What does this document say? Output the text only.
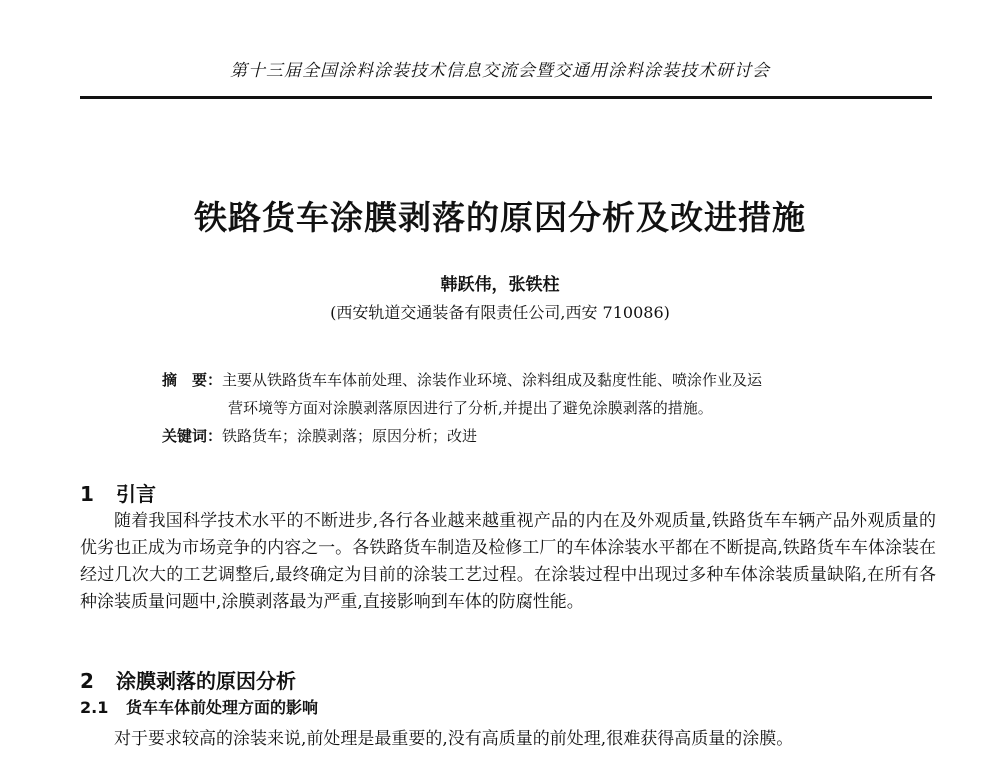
第十三届全国涂料涂装技术信息交流会暨交通用涂料涂装技术研讨会
铁路货车涂膜剥落的原因分析及改进措施
韩跃伟，张铁柱
(西安轨道交通装备有限责任公司,西安 710086)
摘　要：主要从铁路货车车体前处理、涂装作业环境、涂料组成及黏度性能、喷涂作业及运
营环境等方面对涂膜剥落原因进行了分析,并提出了避免涂膜剥落的措施。
关键词：铁路货车；涂膜剥落；原因分析；改进
1 引言
随着我国科学技术水平的不断进步,各行各业越来越重视产品的内在及外观质量,铁路货车车辆产品外观质量的优劣也正成为市场竞争的内容之一。各铁路货车制造及检修工厂的车体涂装水平都在不断提高,铁路货车车体涂装在经过几次大的工艺调整后,最终确定为目前的涂装工艺过程。在涂装过程中出现过多种车体涂装质量缺陷,在所有各种涂装质量问题中,涂膜剥落最为严重,直接影响到车体的防腐性能。
2 涂膜剥落的原因分析
2.1 货车车体前处理方面的影响
对于要求较高的涂装来说,前处理是最重要的,没有高质量的前处理,很难获得高质量的涂膜。
